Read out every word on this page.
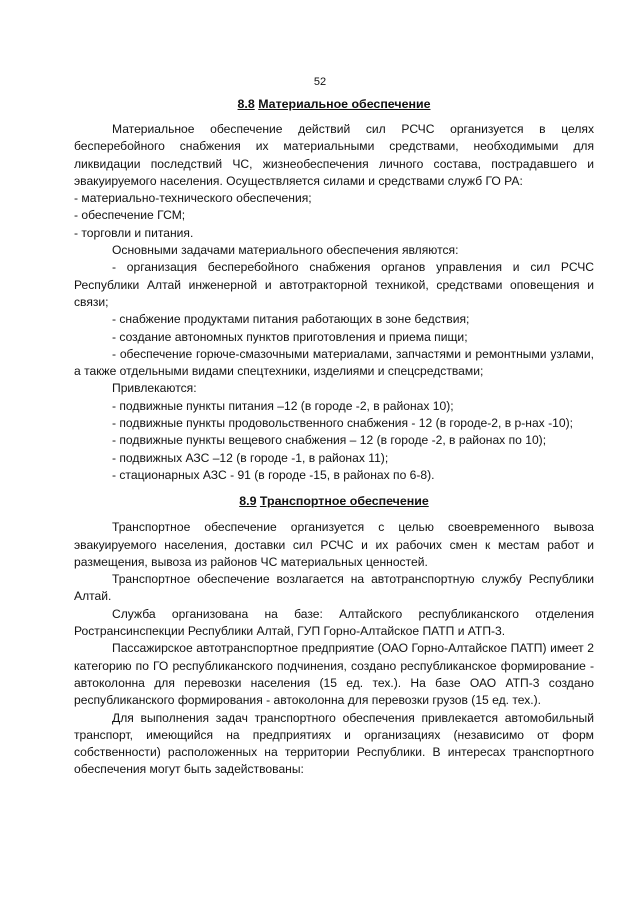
52
8.8 Материальное обеспечение

Материальное обеспечение действий сил РСЧС организуется в целях бесперебойного снабжения их материальными средствами, необходимыми для ликвидации последствий ЧС, жизнеобеспечения личного состава, пострадавшего и эвакуируемого населения. Осуществляется силами и средствами служб ГО РА:

- материально-технического обеспечения;

- обеспечение ГСМ;

- торговли и питания.

Основными задачами материального обеспечения являются:

- организация бесперебойного снабжения органов управления и сил РСЧС Республики Алтай инженерной и автотракторной техникой, средствами оповещения и связи;

- снабжение продуктами питания работающих в зоне бедствия;

- создание автономных пунктов приготовления и приема пищи;

- обеспечение горюче-смазочными материалами, запчастями и ремонтными узлами, а также отдельными видами спецтехники, изделиями и спецсредствами;

Привлекаются:

- подвижные пункты питания –12 (в городе -2, в районах 10);

- подвижные пункты продовольственного снабжения - 12 (в городе-2, в р-нах -10);

- подвижные пункты вещевого снабжения – 12 (в городе -2, в районах по 10);

- подвижных АЗС –12 (в городе -1, в районах 11);

- стационарных АЗС - 91 (в городе -15, в районах по 6-8).

8.9 Транспортное обеспечение

Транспортное обеспечение организуется с целью своевременного вывоза эвакуируемого населения, доставки сил РСЧС и их рабочих смен к местам работ и размещения, вывоза из районов ЧС материальных ценностей.

Транспортное обеспечение возлагается на автотранспортную службу Республики Алтай.

Служба организована на базе: Алтайского республиканского отделения Ространсинспекции Республики Алтай, ГУП Горно-Алтайское ПАТП и АТП-3.

Пассажирское автотранспортное предприятие (ОАО Горно-Алтайское ПАТП) имеет 2 категорию по ГО республиканского подчинения, создано республиканское формирование - автоколонна для перевозки населения (15 ед. тех.). На базе ОАО АТП-3 создано республиканского формирования - автоколонна для перевозки грузов (15 ед. тех.).

Для выполнения задач транспортного обеспечения привлекается автомобильный транспорт, имеющийся на предприятиях и организациях (независимо от форм собственности) расположенных на территории Республики. В интересах транспортного обеспечения могут быть задействованы:
